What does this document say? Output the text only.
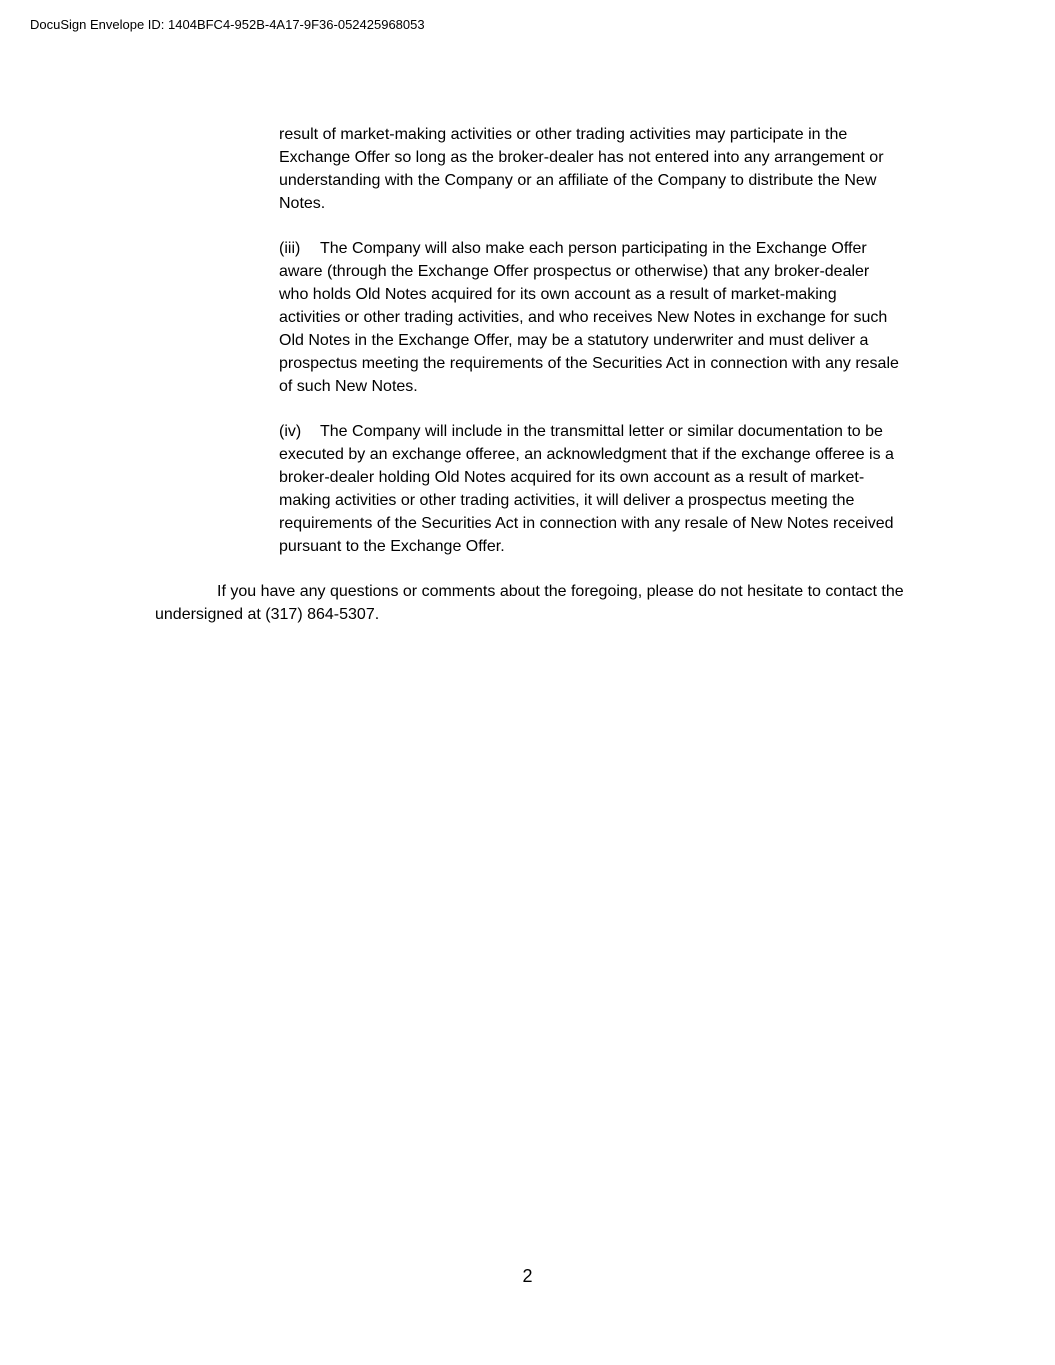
DocuSign Envelope ID: 1404BFC4-952B-4A17-9F36-052425968053

result of market-making activities or other trading activities may participate in the Exchange Offer so long as the broker-dealer has not entered into any arrangement or understanding with the Company or an affiliate of the Company to distribute the New Notes.

(iii) The Company will also make each person participating in the Exchange Offer aware (through the Exchange Offer prospectus or otherwise) that any broker-dealer who holds Old Notes acquired for its own account as a result of market-making activities or other trading activities, and who receives New Notes in exchange for such Old Notes in the Exchange Offer, may be a statutory underwriter and must deliver a prospectus meeting the requirements of the Securities Act in connection with any resale of such New Notes.

(iv) The Company will include in the transmittal letter or similar documentation to be executed by an exchange offeree, an acknowledgment that if the exchange offeree is a broker-dealer holding Old Notes acquired for its own account as a result of market-making activities or other trading activities, it will deliver a prospectus meeting the requirements of the Securities Act in connection with any resale of New Notes received pursuant to the Exchange Offer.

If you have any questions or comments about the foregoing, please do not hesitate to contact the undersigned at (317) 864-5307.

2
